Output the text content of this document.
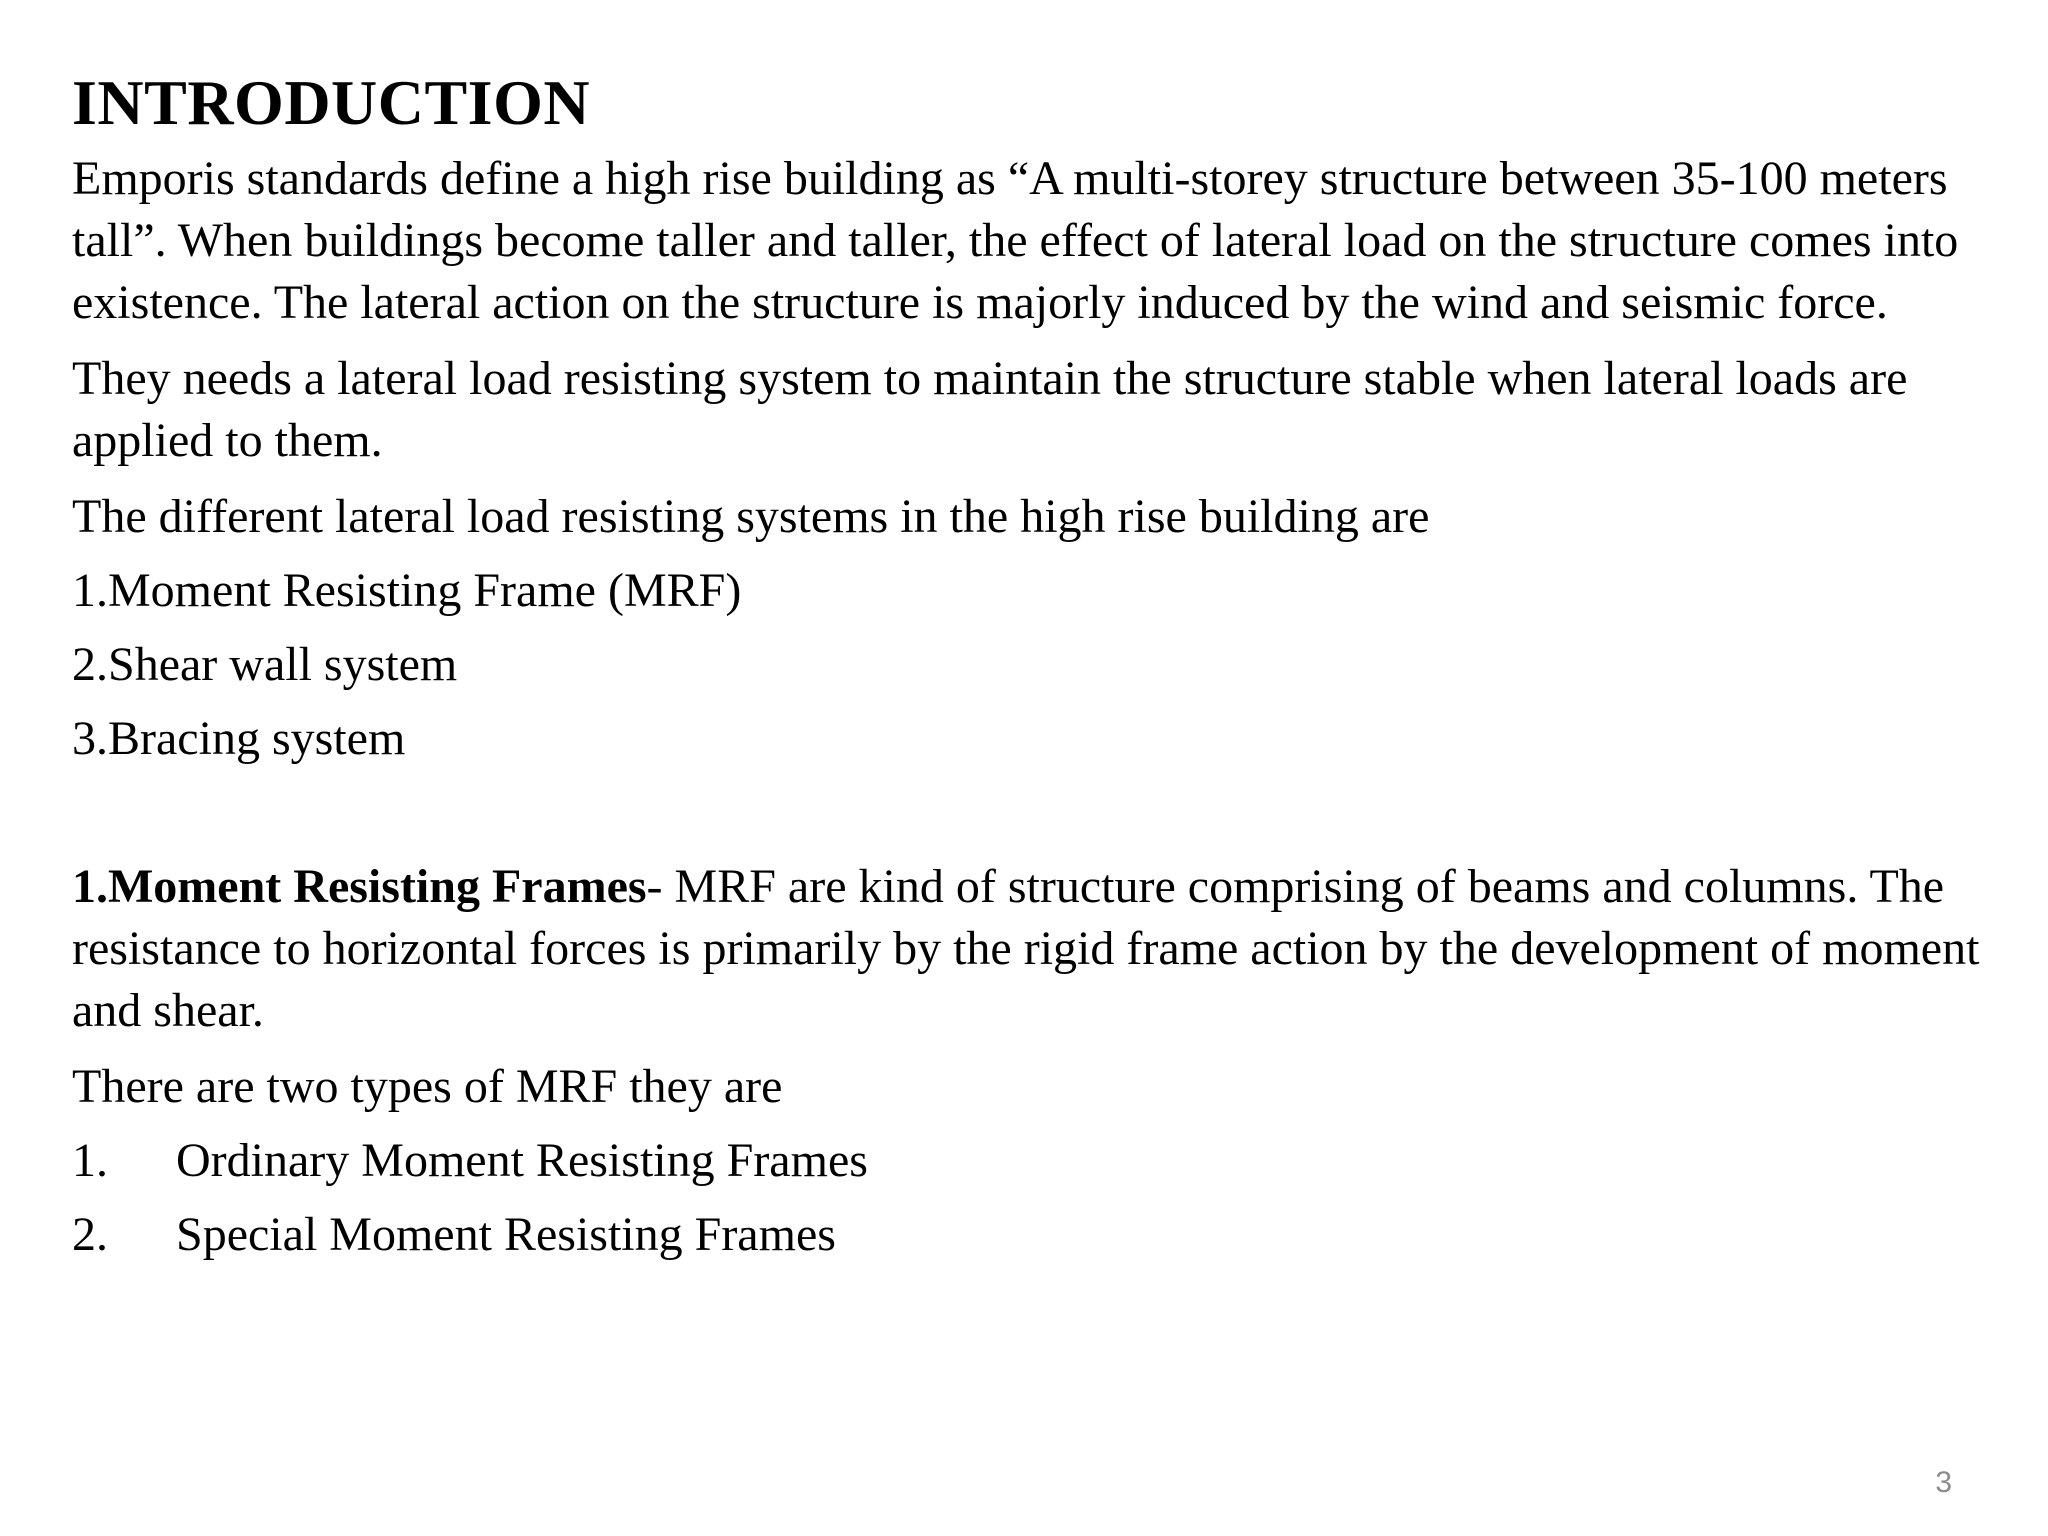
INTRODUCTION

Emporis standards define a high rise building as “A multi-storey structure between 35-100 meters tall”. When buildings become taller and taller, the effect of lateral load on the structure comes into existence. The lateral action on the structure is majorly induced by the wind and seismic force.

They needs a lateral load resisting system to maintain the structure stable when lateral loads are applied to them.

The different lateral load resisting systems in the high rise building are

1.Moment Resisting Frame (MRF)

2.Shear wall system

3.Bracing system

1.Moment Resisting Frames- MRF are kind of structure comprising of beams and columns. The resistance to horizontal forces is primarily by the rigid frame action by the development of moment and shear.

There are two types of MRF they are

1.	Ordinary Moment Resisting Frames
2.	Special Moment Resisting Frames
3
